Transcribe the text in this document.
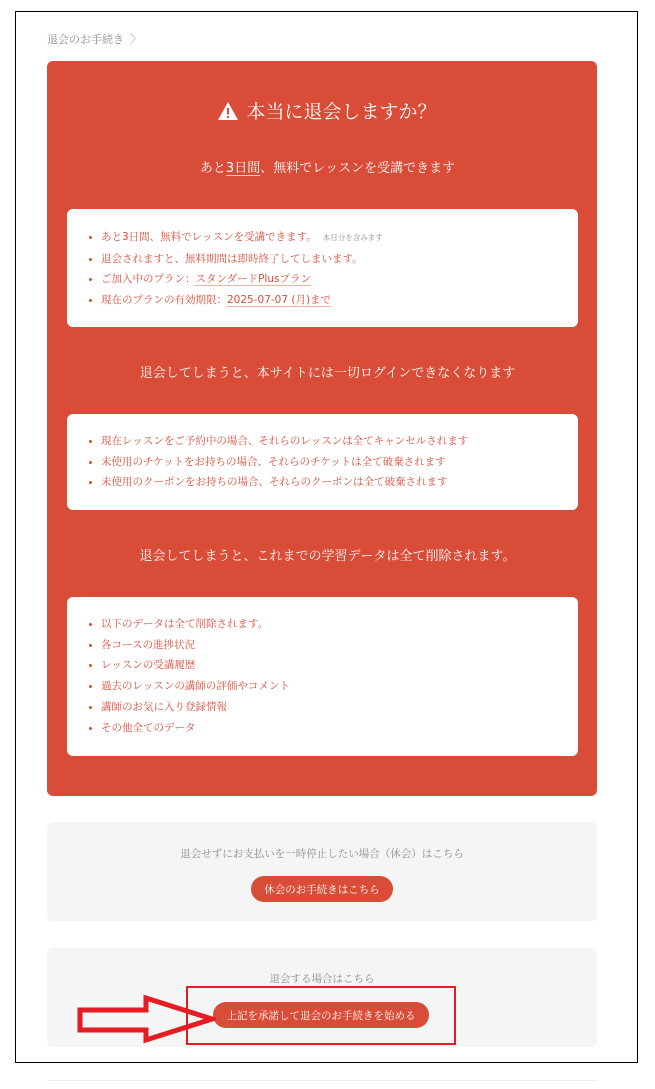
退会のお手続き 〉
本当に退会しますか？
あと3日間、無料でレッスンを受講できます
あと3日間、無料でレッスンを受講できます。 本日分を含みます
退会されますと、無料期間は即時終了してしまいます。
ご加入中のプラン：スタンダードPlusプラン
現在のプランの有効期限：2025-07-07 (月)まで
退会してしまうと、本サイトには一切ログインできなくなります
現在レッスンをご予約中の場合、それらのレッスンは全てキャンセルされます
未使用のチケットをお持ちの場合、それらのチケットは全て破棄されます
未使用のクーポンをお持ちの場合、それらのクーポンは全て破棄されます
退会してしまうと、これまでの学習データは全て削除されます。
以下のデータは全て削除されます。
各コースの進捗状況
レッスンの受講履歴
過去のレッスンの講師の評価やコメント
講師のお気に入り登録情報
その他全てのデータ
退会せずにお支払いを一時停止したい場合（休会）はこちら
休会のお手続きはこちら
退会する場合はこちら
上記を承諾して退会のお手続きを始める
